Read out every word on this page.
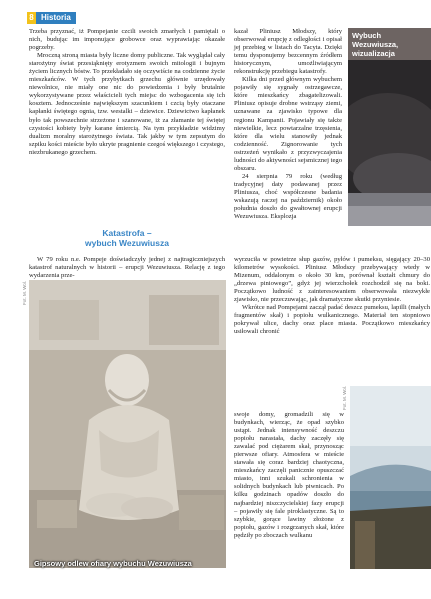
8 Historia

Trzeba przyznać, iż Pompejanie czcili swoich zmarłych i pamiętali o nich, budując im imponujące grobowce oraz wyprawiając okazałe pogrzeby.

Mroczną stroną miasta były liczne domy publiczne. Tak wyglądał cały starożytny świat przesiąknięty erotyzmem swoich mitologii i bujnym życiem licznych bóstw. To przekładało się oczywiście na codzienne życie mieszkańców. W tych przybytkach grzechu głównie urzędowały niewolnice, nie miały one nic do powiedzenia i były brutalnie wykorzystywane przez właścicieli tych miejsc do wzbogacenia się ich kosztem. Jednocześnie największym szacunkiem i czcią były otaczane kapłanki świętego ognia, tzw. westalki – dziewice. Dziewictwo kapłanek było tak powszechnie strzeżone i szanowane, iż za złamanie tej świętej czystości kobiety były karane śmiercią. Na tym przykładzie widzimy dualizm moralny starożytnego świata. Tak jakby w tym zepsutym do szpiku kości mieście było ukryte pragnienie czegoś większego i czystego, niezbrukanego grzechem.

Katastrofa –
wybuch Wezuwiusza

W 79 roku n.e. Pompeje doświadczyły jednej z najtragiczniejszych katastrof naturalnych w historii – erupcji Wezuwiusza. Relację z tego wydarzenia prze-

Gipsowy odlew ofiary wybuchu Wezuwiusza
Fot. M. Wol.
Wybuch
Wezuwiusza,
wizualizacja

kazał Pliniusz Młodszy, który obserwował erupcję z odległości i opisał jej przebieg w listach do Tacyta. Dzięki temu dysponujemy bezcennym źródłem historycznym, umożliwiającym rekonstrukcję przebiegu katastrofy.

Kilka dni przed głównym wybuchem pojawiły się sygnały ostrzegawcze, które mieszkańcy zbagatelizowali. Pliniusz opisuje drobne wstrząsy ziemi, uznawane za zjawisko typowe dla regionu Kampanii. Pojawiały się także niewielkie, lecz powtarzalne trzęsienia, które dla wielu stanowiły jednak codzienność. Zignorowanie tych ostrzeżeń wynikało z przyzwyczajenia ludności do aktywności sejsmicznej tego obszaru.

24 sierpnia 79 roku (według tradycyjnej daty podawanej przez Pliniusza, choć współczesne badania wskazują raczej na październik) około południa doszło do gwałtownej erupcji Wezuwiusza. Eksplozja

wyrzuciła w powietrze słup gazów, pyłów i pumeksu, sięgający 20–30 kilometrów wysokości. Pliniusz Młodszy przebywający wtedy w Mizenum, oddalonym o około 30 km, porównał kształt chmury do „drzewa piniowego”, gdyż jej wierzchołek rozchodził się na boki. Początkowo ludność z zainteresowaniem obserwowała niezwykłe zjawisko, nie przeczuwając, jak dramatyczne skutki przyniesie.

Wkrótce nad Pompejami zaczął padać deszcz pumeksu, lapilli (małych fragmentów skał) i popiołu wulkanicznego. Materiał ten stopniowo pokrywał ulice, dachy oraz place miasta. Początkowo mieszkańcy usiłowali chronić

swoje domy, gromadzili się w budynkach, wierząc, że opad szybko ustąpi. Jednak intensywność deszczu popiołu narastała, dachy zaczęły się zawalać pod ciężarem skał, przynosząc pierwsze ofiary. Atmosfera w mieście stawała się coraz bardziej chaotyczna, mieszkańcy zaczęli panicznie opuszczać miasto, inni szukali schronienia w solidnych budynkach lub piwnicach. Po kilku godzinach opadów doszło do najbardziej niszczycielskiej fazy erupcji – pojawiły się fale piroklastyczne. Są to szybkie, gorące lawiny złożone z popiołu, gazów i rozgrzanych skał, które pędziły po zboczach wulkanu

Fot. M. Wol.
